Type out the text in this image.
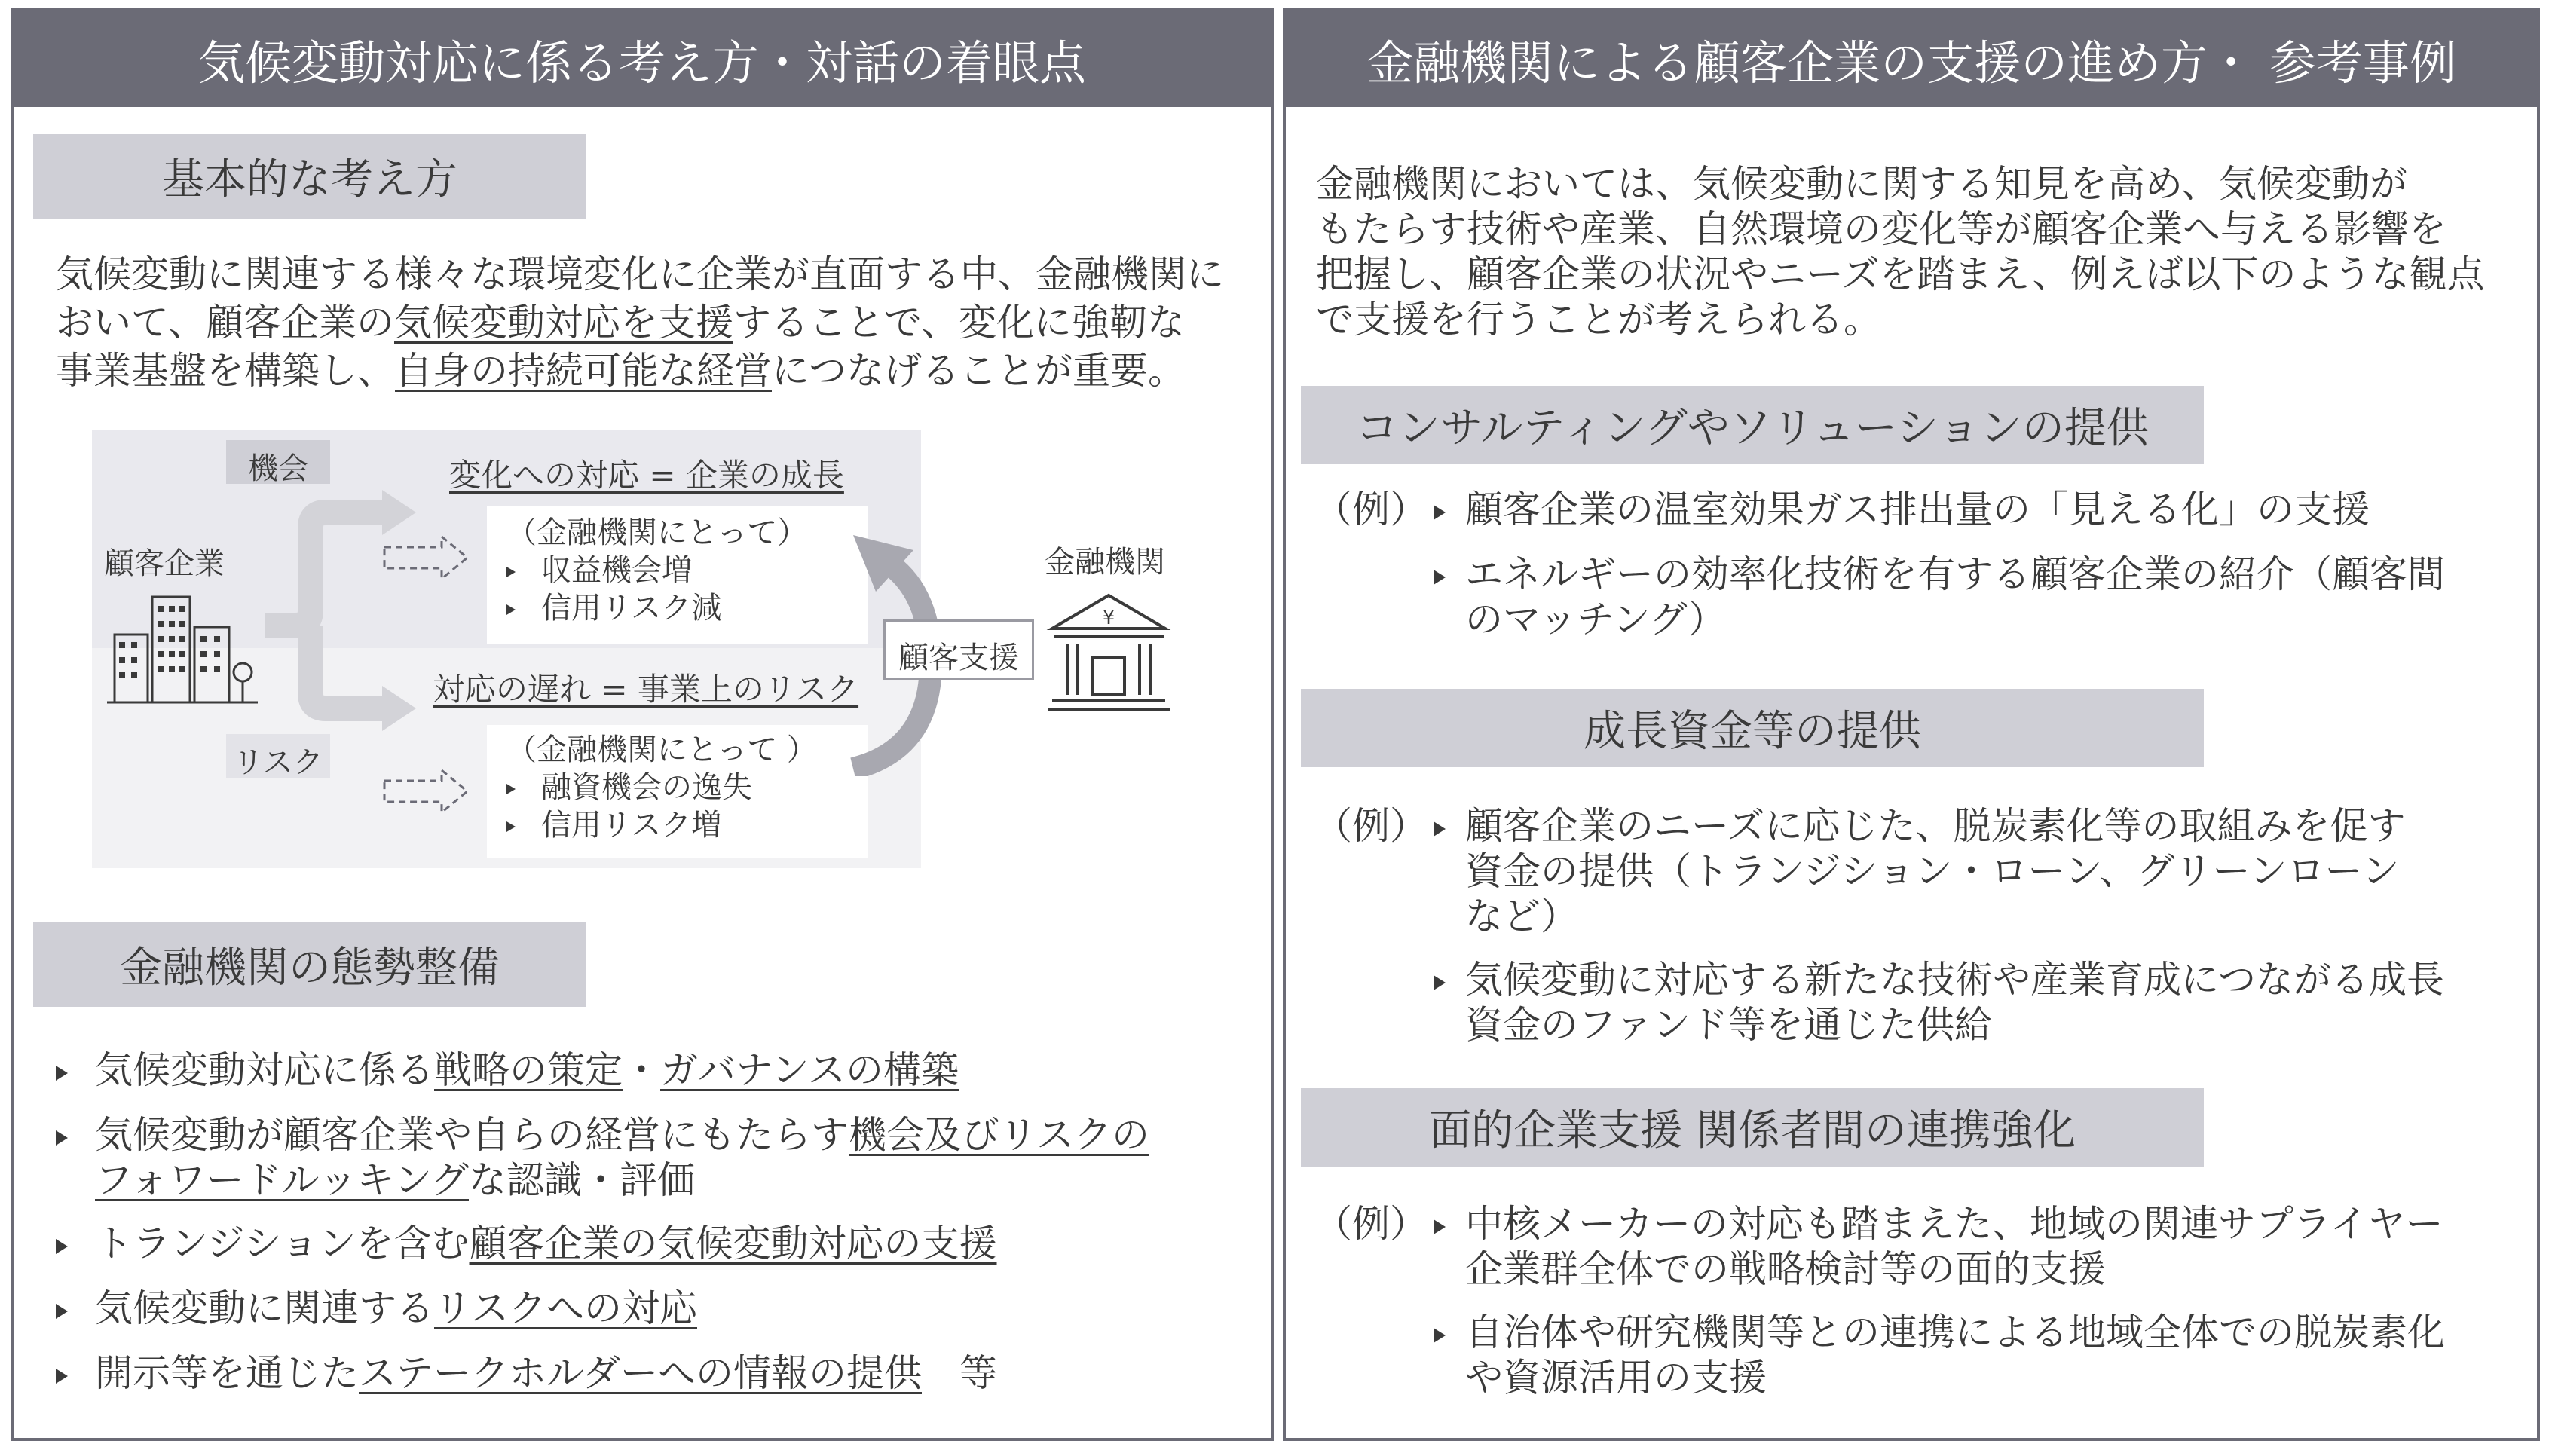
気候変動対応に係る考え方・対話の着眼点
基本的な考え方
気候変動に関連する様々な環境変化に企業が直面する中、金融機関に
おいて、顧客企業の気候変動対応を支援することで、変化に強靭な
事業基盤を構築し、自身の持続可能な経営につなげることが重要。
機会
リスク
顧客企業
変化への対応 = 企業の成長
対応の遅れ = 事業上のリスク
（金融機関にとって）
収益機会増
信用リスク減
（金融機関にとって ）
融資機会の逸失
信用リスク増
顧客支援
金融機関
¥
金融機関の態勢整備
気候変動対応に係る戦略の策定・ガバナンスの構築
気候変動が顧客企業や自らの経営にもたらす機会及びリスクの
フォワードルッキングな認識・評価
トランジションを含む顧客企業の気候変動対応の支援
気候変動に関連するリスクへの対応
開示等を通じたステークホルダーへの情報の提供　等
金融機関による顧客企業の支援の進め方・ 参考事例
金融機関においては、気候変動に関する知見を高め、気候変動が
もたらす技術や産業、自然環境の変化等が顧客企業へ与える影響を
把握し、顧客企業の状況やニーズを踏まえ、例えば以下のような観点
で支援を行うことが考えられる。
コンサルティングやソリューションの提供
（例）	顧客企業の温室効果ガス排出量の「見える化」の支援
エネルギーの効率化技術を有する顧客企業の紹介（顧客間
のマッチング）
成長資金等の提供
（例）	顧客企業のニーズに応じた、脱炭素化等の取組みを促す
資金の提供（トランジション・ローン、グリーンローン
など）
気候変動に対応する新たな技術や産業育成につながる成長
資金のファンド等を通じた供給
面的企業支援 関係者間の連携強化
（例）	中核メーカーの対応も踏まえた、地域の関連サプライヤー
企業群全体での戦略検討等の面的支援
自治体や研究機関等との連携による地域全体での脱炭素化
や資源活用の支援
